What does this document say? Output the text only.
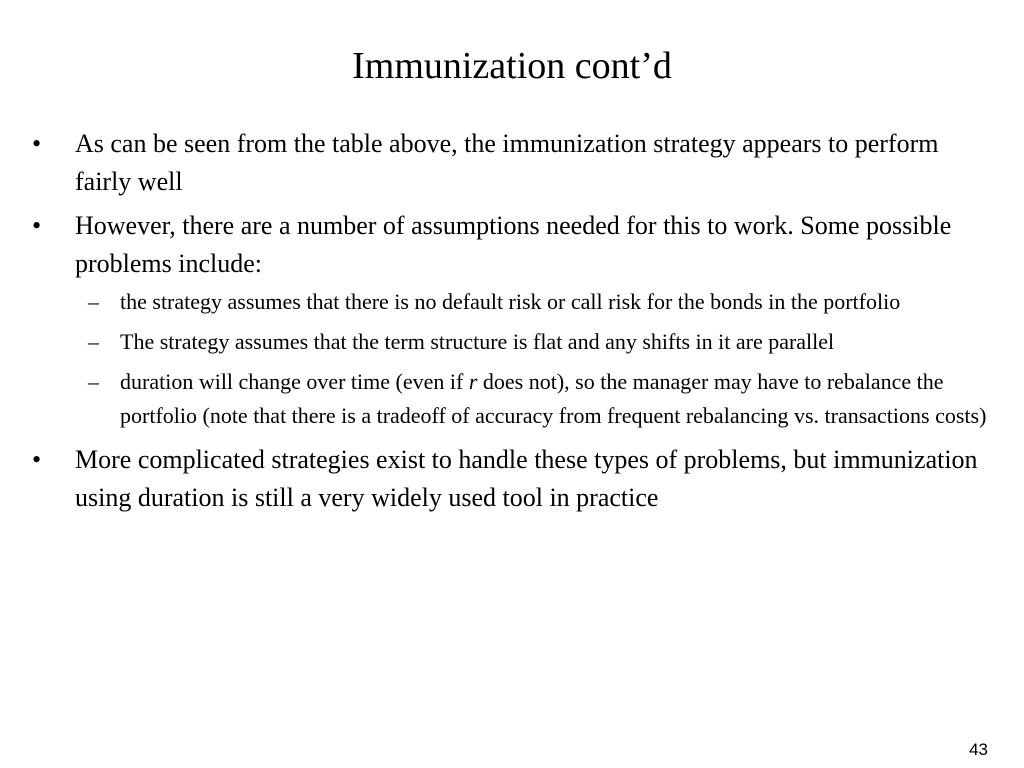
Immunization cont’d
•	As can be seen from the table above, the immunization strategy appears to perform fairly well
•	However, there are a number of assumptions needed for this to work. Some possible problems include:
– the strategy assumes that there is no default risk or call risk for the bonds in the portfolio
– The strategy assumes that the term structure is flat and any shifts in it are parallel
– duration will change over time (even if r does not), so the manager may have to rebalance the portfolio (note that there is a tradeoff of accuracy from frequent rebalancing vs. transactions costs)
•	More complicated strategies exist to handle these types of problems, but immunization using duration is still a very widely used tool in practice
43
